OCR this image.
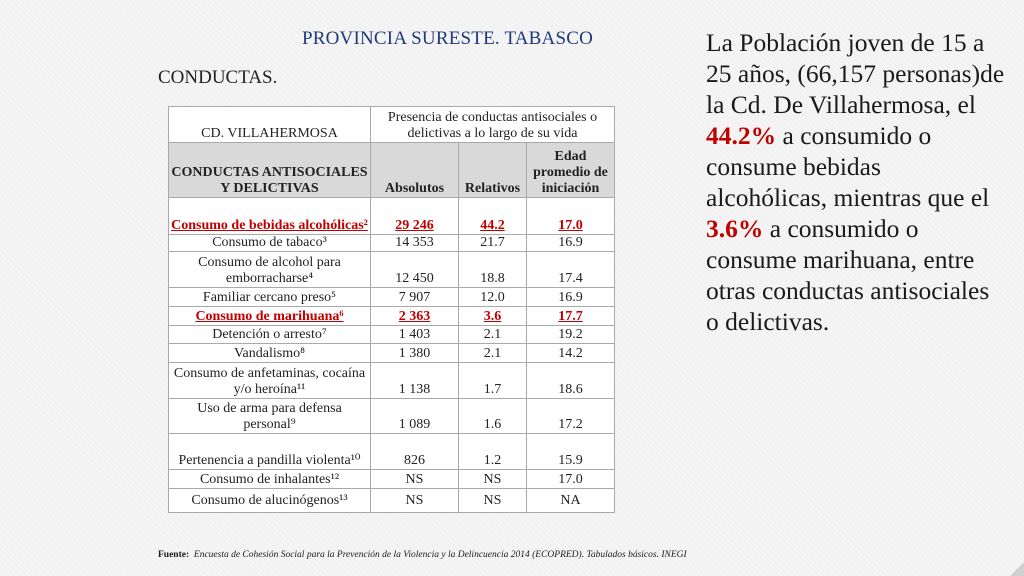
PROVINCIA SURESTE. TABASCO
CONDUCTAS.
CD. VILLAHERMOSA	Presencia de conductas antisociales o delictivas a lo largo de su vida		
CONDUCTAS ANTISOCIALES Y DELICTIVAS	Absolutos	Relativos	Edad promedio de iniciación
Consumo de bebidas alcohólicas²	29 246	44.2	17.0
Consumo de tabaco³	14 353	21.7	16.9
Consumo de alcohol para emborracharse⁴	12 450	18.8	17.4
Familiar cercano preso⁵	7 907	12.0	16.9
Consumo de marihuana⁶	2 363	3.6	17.7
Detención o arresto⁷	1 403	2.1	19.2
Vandalismo⁸	1 380	2.1	14.2
Consumo de anfetaminas, cocaína y/o heroína¹¹	1 138	1.7	18.6
Uso de arma para defensa personal⁹	1 089	1.6	17.2
Pertenencia a pandilla violenta¹⁰	826	1.2	15.9
Consumo de inhalantes¹²	NS	NS	17.0
Consumo de alucinógenos¹³	NS	NS	NA
La Población joven de 15 a 25 años, (66,157 personas)de la Cd. De Villahermosa, el 44.2% a consumido o consume bebidas alcohólicas, mientras que el 3.6% a consumido o consume marihuana, entre otras conductas antisociales o delictivas.
Fuente: Encuesta de Cohesión Social para la Prevención de la Violencia y la Delincuencia 2014 (ECOPRED). Tabulados básicos. INEGI
